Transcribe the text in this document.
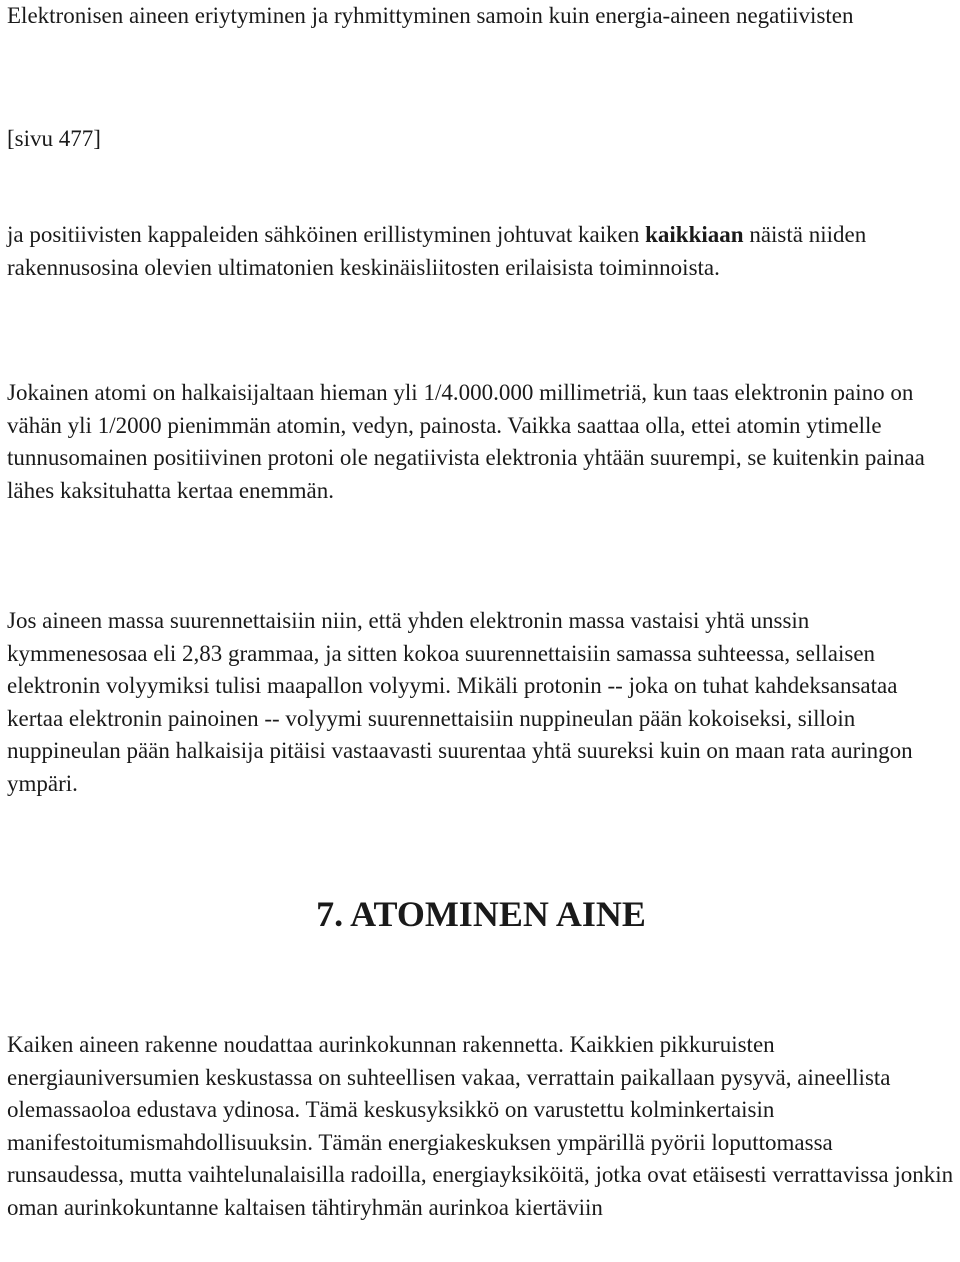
Elektronisen aineen eriytyminen ja ryhmittyminen samoin kuin energia-aineen negatiivisten

[sivu 477]

ja positiivisten kappaleiden sähköinen erillistyminen johtuvat kaiken kaikkiaan näistä niiden rakennusosina olevien ultimatonien keskinäisliitosten erilaisista toiminnoista.

Jokainen atomi on halkaisijaltaan hieman yli 1/4.000.000 millimetriä, kun taas elektronin paino on vähän yli 1/2000 pienimmän atomin, vedyn, painosta. Vaikka saattaa olla, ettei atomin ytimelle tunnusomainen positiivinen protoni ole negatiivista elektronia yhtään suurempi, se kuitenkin painaa lähes kaksituhatta kertaa enemmän.

Jos aineen massa suurennettaisiin niin, että yhden elektronin massa vastaisi yhtä unssin kymmenesosaa eli 2,83 grammaa, ja sitten kokoa suurennettaisiin samassa suhteessa, sellaisen elektronin volyymiksi tulisi maapallon volyymi. Mikäli protonin -- joka on tuhat kahdeksansataa kertaa elektronin painoinen -- volyymi suurennettaisiin nuppineulan pään kokoiseksi, silloin nuppineulan pään halkaisija pitäisi vastaavasti suurentaa yhtä suureksi kuin on maan rata auringon ympäri.

7. ATOMINEN AINE

Kaiken aineen rakenne noudattaa aurinkokunnan rakennetta. Kaikkien pikkuruisten energiauniversumien keskustassa on suhteellisen vakaa, verrattain paikallaan pysyvä, aineellista olemassaoloa edustava ydinosa. Tämä keskusyksikkö on varustettu kolminkertaisin manifestoitumismahdollisuuksin. Tämän energiakeskuksen ympärillä pyörii loputtomassa runsaudessa, mutta vaihtelunalaisilla radoilla, energiayksiköitä, jotka ovat etäisesti verrattavissa jonkin oman aurinkokuntanne kaltaisen tähtiryhmän aurinkoa kiertäviin
